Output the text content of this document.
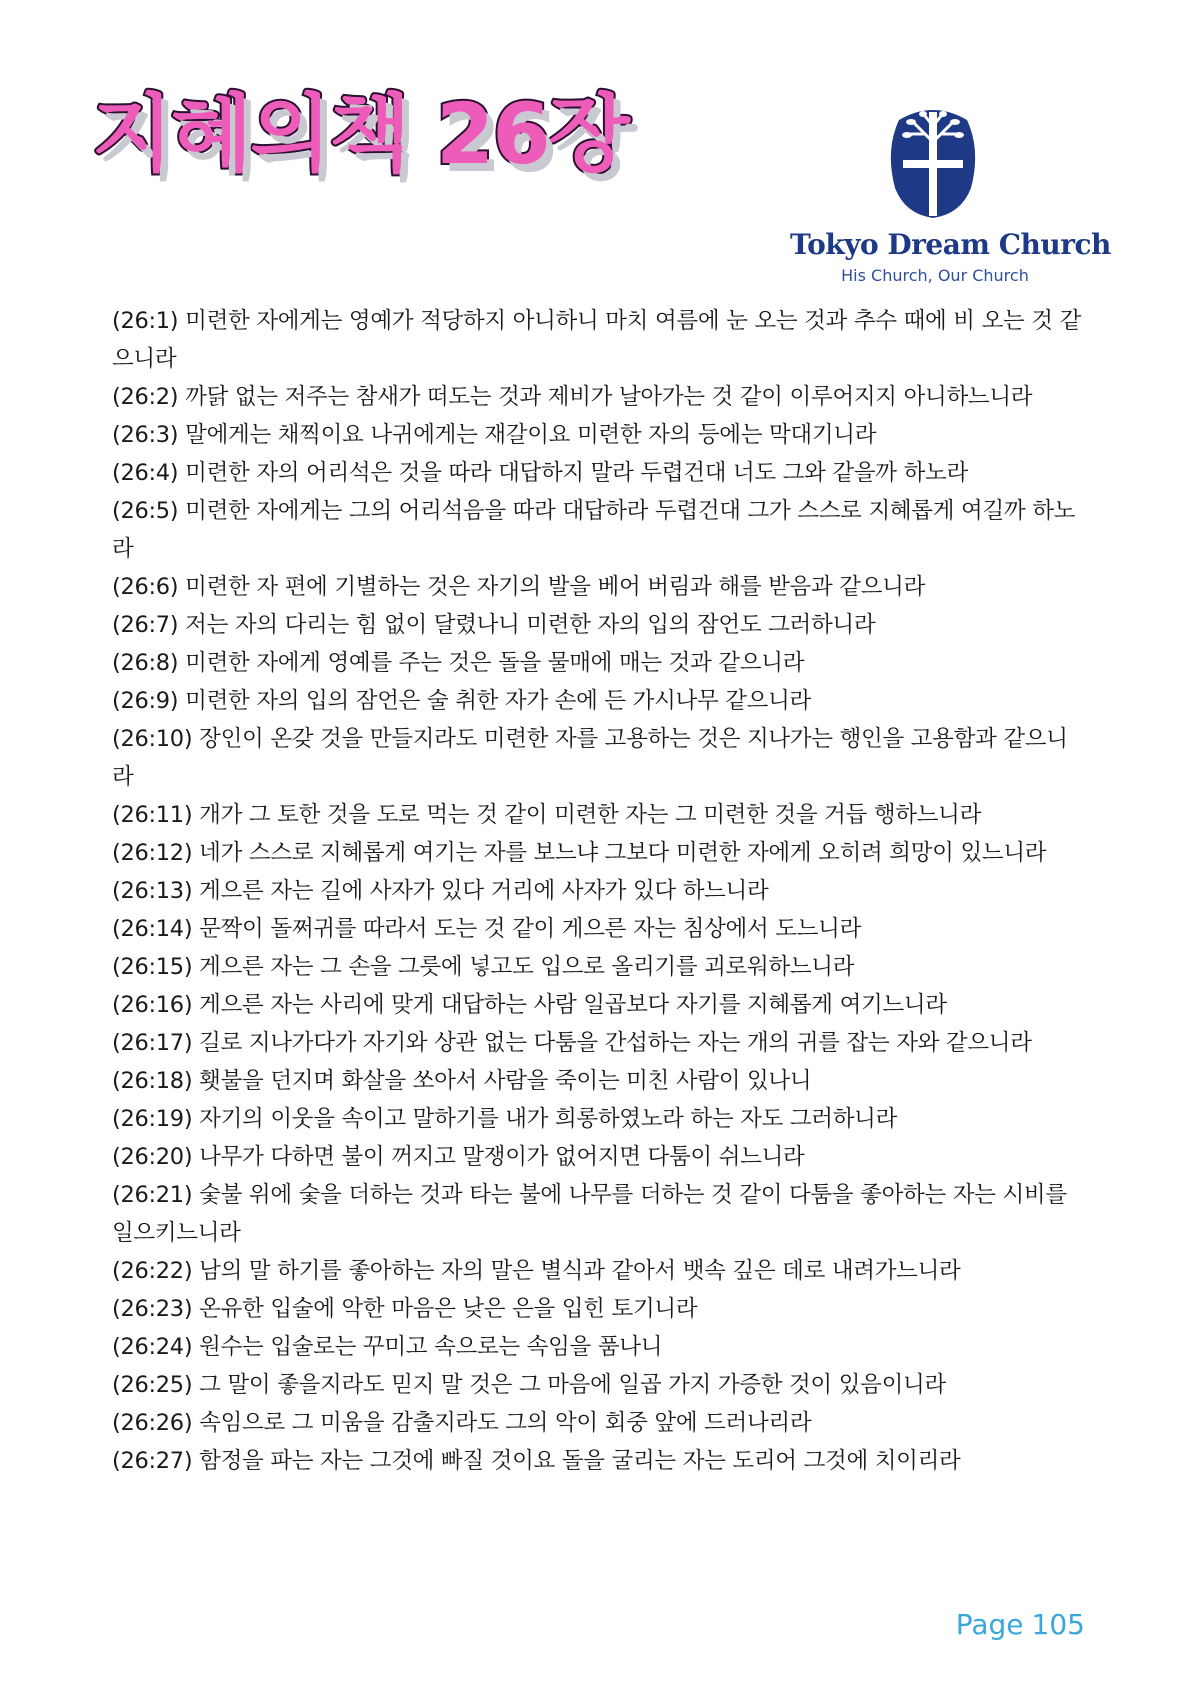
지혜의책 26장
Tokyo Dream Church
His Church, Our Church

(26:1) 미련한 자에게는 영예가 적당하지 아니하니 마치 여름에 눈 오는 것과 추수 때에 비 오는 것 같으니라

(26:2) 까닭 없는 저주는 참새가 떠도는 것과 제비가 날아가는 것 같이 이루어지지 아니하느니라

(26:3) 말에게는 채찍이요 나귀에게는 재갈이요 미련한 자의 등에는 막대기니라

(26:4) 미련한 자의 어리석은 것을 따라 대답하지 말라 두렵건대 너도 그와 같을까 하노라

(26:5) 미련한 자에게는 그의 어리석음을 따라 대답하라 두렵건대 그가 스스로 지혜롭게 여길까 하노라

(26:6) 미련한 자 편에 기별하는 것은 자기의 발을 베어 버림과 해를 받음과 같으니라

(26:7) 저는 자의 다리는 힘 없이 달렸나니 미련한 자의 입의 잠언도 그러하니라

(26:8) 미련한 자에게 영예를 주는 것은 돌을 물매에 매는 것과 같으니라

(26:9) 미련한 자의 입의 잠언은 술 취한 자가 손에 든 가시나무 같으니라

(26:10) 장인이 온갖 것을 만들지라도 미련한 자를 고용하는 것은 지나가는 행인을 고용함과 같으니라

(26:11) 개가 그 토한 것을 도로 먹는 것 같이 미련한 자는 그 미련한 것을 거듭 행하느니라

(26:12) 네가 스스로 지혜롭게 여기는 자를 보느냐 그보다 미련한 자에게 오히려 희망이 있느니라

(26:13) 게으른 자는 길에 사자가 있다 거리에 사자가 있다 하느니라

(26:14) 문짝이 돌쩌귀를 따라서 도는 것 같이 게으른 자는 침상에서 도느니라

(26:15) 게으른 자는 그 손을 그릇에 넣고도 입으로 올리기를 괴로워하느니라

(26:16) 게으른 자는 사리에 맞게 대답하는 사람 일곱보다 자기를 지혜롭게 여기느니라

(26:17) 길로 지나가다가 자기와 상관 없는 다툼을 간섭하는 자는 개의 귀를 잡는 자와 같으니라

(26:18) 횃불을 던지며 화살을 쏘아서 사람을 죽이는 미친 사람이 있나니

(26:19) 자기의 이웃을 속이고 말하기를 내가 희롱하였노라 하는 자도 그러하니라

(26:20) 나무가 다하면 불이 꺼지고 말쟁이가 없어지면 다툼이 쉬느니라

(26:21) 숯불 위에 숯을 더하는 것과 타는 불에 나무를 더하는 것 같이 다툼을 좋아하는 자는 시비를 일으키느니라

(26:22) 남의 말 하기를 좋아하는 자의 말은 별식과 같아서 뱃속 깊은 데로 내려가느니라

(26:23) 온유한 입술에 악한 마음은 낮은 은을 입힌 토기니라

(26:24) 원수는 입술로는 꾸미고 속으로는 속임을 품나니

(26:25) 그 말이 좋을지라도 믿지 말 것은 그 마음에 일곱 가지 가증한 것이 있음이니라

(26:26) 속임으로 그 미움을 감출지라도 그의 악이 회중 앞에 드러나리라

(26:27) 함정을 파는 자는 그것에 빠질 것이요 돌을 굴리는 자는 도리어 그것에 치이리라

Page 105
